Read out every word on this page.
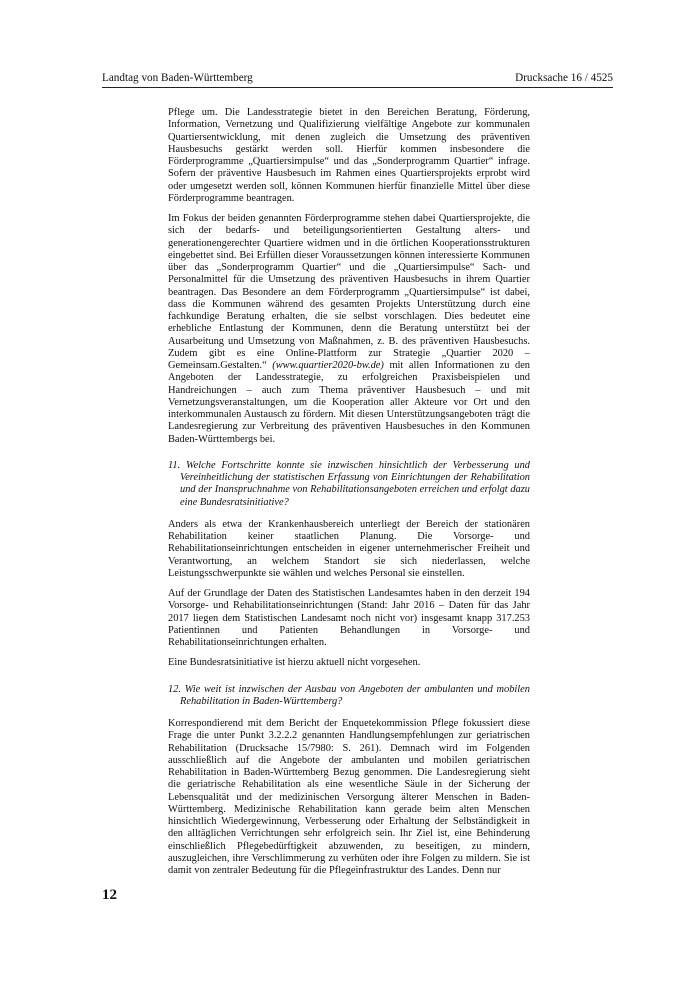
Landtag von Baden-Württemberg	Drucksache 16 / 4525

Pflege um. Die Landesstrategie bietet in den Bereichen Beratung, Förderung, Information, Vernetzung und Qualifizierung vielfältige Angebote zur kommunalen Quartiersentwicklung, mit denen zugleich die Umsetzung des präventiven Hausbesuchs gestärkt werden soll. Hierfür kommen insbesondere die Förderprogramme „Quartiersimpulse“ und das „Sonderprogramm Quartier“ infrage. Sofern der präventive Hausbesuch im Rahmen eines Quartiersprojekts erprobt wird oder umgesetzt werden soll, können Kommunen hierfür finanzielle Mittel über diese Förderprogramme beantragen.

Im Fokus der beiden genannten Förderprogramme stehen dabei Quartiersprojekte, die sich der bedarfs- und beteiligungsorientierten Gestaltung alters- und generationengerechter Quartiere widmen und in die örtlichen Kooperationsstrukturen eingebettet sind. Bei Erfüllen dieser Voraussetzungen können interessierte Kommunen über das „Sonderprogramm Quartier“ und die „Quartiersimpulse“ Sach- und Personalmittel für die Umsetzung des präventiven Hausbesuchs in ihrem Quartier beantragen. Das Besondere an dem Förderprogramm „Quartiersimpulse“ ist dabei, dass die Kommunen während des gesamten Projekts Unterstützung durch eine fachkundige Beratung erhalten, die sie selbst vorschlagen. Dies bedeutet eine erhebliche Entlastung der Kommunen, denn die Beratung unterstützt bei der Ausarbeitung und Umsetzung von Maßnahmen, z. B. des präventiven Hausbesuchs. Zudem gibt es eine Online-Plattform zur Strategie „Quartier 2020 – Gemeinsam.Gestalten.“ (www.quartier2020-bw.de) mit allen Informationen zu den Angeboten der Landesstrategie, zu erfolgreichen Praxisbeispielen und Handreichungen – auch zum Thema präventiver Hausbesuch – und mit Vernetzungsveranstaltungen, um die Kooperation aller Akteure vor Ort und den interkommunalen Austausch zu fördern. Mit diesen Unterstützungsangeboten trägt die Landesregierung zur Verbreitung des präventiven Hausbesuches in den Kommunen Baden-Württembergs bei.

11. Welche Fortschritte konnte sie inzwischen hinsichtlich der Verbesserung und Vereinheitlichung der statistischen Erfassung von Einrichtungen der Rehabilitation und der Inanspruchnahme von Rehabilitationsangeboten erreichen und erfolgt dazu eine Bundesratsinitiative?

Anders als etwa der Krankenhausbereich unterliegt der Bereich der stationären Rehabilitation keiner staatlichen Planung. Die Vorsorge- und Rehabilitationseinrichtungen entscheiden in eigener unternehmerischer Freiheit und Verantwortung, an welchem Standort sie sich niederlassen, welche Leistungsschwerpunkte sie wählen und welches Personal sie einstellen.

Auf der Grundlage der Daten des Statistischen Landesamtes haben in den derzeit 194 Vorsorge- und Rehabilitationseinrichtungen (Stand: Jahr 2016 – Daten für das Jahr 2017 liegen dem Statistischen Landesamt noch nicht vor) insgesamt knapp 317.253 Patientinnen und Patienten Behandlungen in Vorsorge- und Rehabilitationseinrichtungen erhalten.

Eine Bundesratsinitiative ist hierzu aktuell nicht vorgesehen.

12. Wie weit ist inzwischen der Ausbau von Angeboten der ambulanten und mobilen Rehabilitation in Baden-Württemberg?

Korrespondierend mit dem Bericht der Enquetekommission Pflege fokussiert diese Frage die unter Punkt 3.2.2.2 genannten Handlungsempfehlungen zur geriatrischen Rehabilitation (Drucksache 15/7980: S. 261). Demnach wird im Folgenden ausschließlich auf die Angebote der ambulanten und mobilen geriatrischen Rehabilitation in Baden-Württemberg Bezug genommen. Die Landesregierung sieht die geriatrische Rehabilitation als eine wesentliche Säule in der Sicherung der Lebensqualität und der medizinischen Versorgung älterer Menschen in Baden-Württemberg. Medizinische Rehabilitation kann gerade beim alten Menschen hinsichtlich Wiedergewinnung, Verbesserung oder Erhaltung der Selbständigkeit in den alltäglichen Verrichtungen sehr erfolgreich sein. Ihr Ziel ist, eine Behinderung einschließlich Pflegebedürftigkeit abzuwenden, zu beseitigen, zu mindern, auszugleichen, ihre Verschlimmerung zu verhüten oder ihre Folgen zu mildern. Sie ist damit von zentraler Bedeutung für die Pflegeinfrastruktur des Landes. Denn nur

12
